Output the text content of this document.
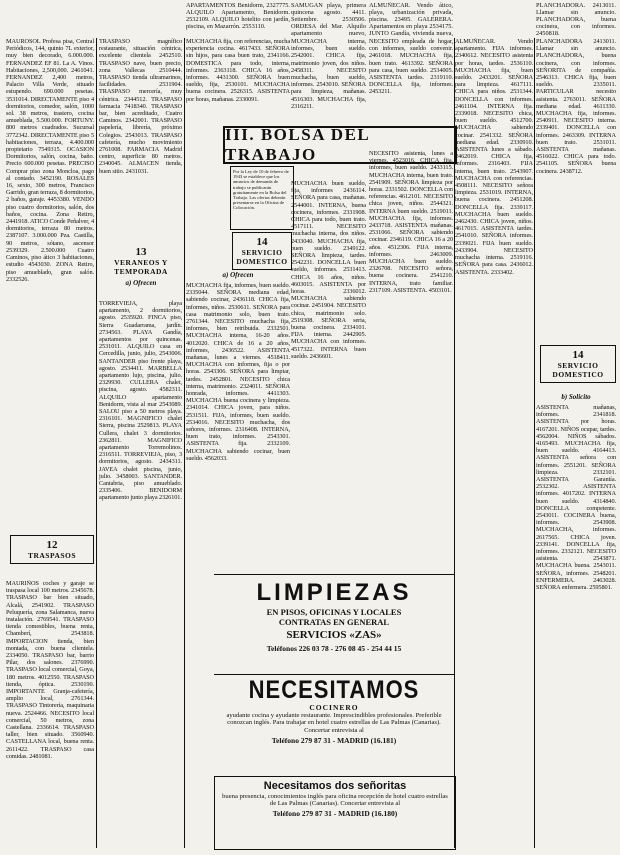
APARTAMENTOS Benidorm, 2327775. ALQUILO Apartamento, Benidorm. 2532109. ALQUILO hotelito con jardín, piscina, en Mazarrón. 2553110.
SAMUGAN playa, primera quincena agosto. 4411. Setiembre. 2530506. ORDESA del Mar. Alquilo apartamento nuevo,
ALMUÑECAR. Vendo ático, playa, urbanización privada, piscina. 23495. GALERERA. Apartamentos en playa 2534175. JUNTO Gandía, vivienda nueva,
PLANCHADORA. 2413011. Llamar sin anuncio. PLANCHADORA, buena cocinera, con informes. 2450818.

MAUROSOL Profesa pisa, Central Periódicos, 144, quinto 7L exterior, muy bien decorado, 6.000.000. FERNANDEZ EF 81. La A. Vinos. Habitaciones, 2,500,000. 2461041. FERNANDEZ 2,400 metros, Palacio Villa Verde, situado estupendo. 690.000 pesetas. 3531014. DIRECTAMENTE piso 4 dormitorios, comedor, salón, 1000 sol. 38 metros, trastero, cocina amueblada, 5.500.000. FORTUNY. 800 metros cuadrados. Sucursal 3772342. DIRECTAMENTE piso 5 habitaciones, terraza, 4.400.000 propietario 7549315. OCASION Dormitorios, salón, cocina, baño. Precio 600.000 pesetas. PRECISO Comprar piso zona Moncloa, pago al contado. 3452190. ROSALES 16, sexto, 300 metros, Francisco Garrido, gran terraza, 8 dormitorios, 2 baños, garaje. 4453380. VENDO piso cuatro dormitorios, salón, dos baños, cocina. Zona Retiro, 2441918. ATICO Conde Peñalver, 4 dormitorios, terraza 80 metros. 2387107. 3.000.000 Pza. Castilla, 90 metros, sótano, ascensor 2539329. 2.500.000 Cuatro Caminos, piso ático 3 habitaciones, estudio 4543030. ZONA Retiro, piso amueblado, gran salón. 2332526.

12
TRASPASOS

MAURIÑOS coches y garaje se traspasa local 100 metros. 2345678. TRASPASO bar bien situado, Alcalá, 2541902. TRASPASO Peluquería, zona Salamanca, nueva instalación. 2769541. TRASPASO tienda comestibles, buena renta, Chamberí, 2543818. IMPORTACION tienda, bien montada, con buena clientela. 2334050. TRASPASO bar, barrio Pilar, dos salones. 2376990. TRASPASO local comercial, Goya, 180 metros. 4012550. TRASPASO tienda, óptica. 2530190. IMPORTANTE Granja-cafetería, amplio local, 2761344. TRASPASO Tintorería, maquinaria nueva. 2524466. NECESITO local comercial, 50 metros, zona Castellana. 2336614. TRASPASO taller, bien situado. 3560940. CASTELLANA local, buena renta. 2611422. TRASPASO casa comidas. 2481081.

TRASPASO magnífico restaurante, situación céntrica, excelente clientela 2452510. TRASPASO nave, buen precio, zona Vallecas 2510444. TRASPASO tienda ultramarinos, facilidades. 2531904. TRASPASO mercería, muy céntrica. 2344512. TRASPASO farmacia 7418340. TRASPASO bar, bien acreditado, Cuatro Caminos. 2342001. TRASPASO papelería, librería, próximo Colegios. 2543013. TRASPASO cafetería, mucho movimiento 2761008. FARMACIA Madrid centro, superficie 80 metros. 2340045. ALMACEN tienda, buen sitio. 2431031.

13
VERANEOS Y TEMPORADA
a) Ofrecen

TORREVIEJA, playa apartamento, 2 dormitorios, agosto. 2535920. FINCA piso, Sierra Guadarrama, jardín. 2734563. PLAYA Gandía, apartamentos por quincenas. 2531011. ALQUILO casa en Cercedilla, junio, julio, 2543006. SANTANDER piso frente playa, agosto. 2534411. MARBELLA apartamento lujo, piscina, julio. 2329930. CULLERA chalet, piscina, agosto. 4582311. ALQUILO apartamento Benidorm, vista al mar 2543089. SALOU piso a 50 metros playa. 2316101. MAGNIFICO chalet Sierra, piscina 2529813. PLAYA Cullera, chalet 3 dormitorios. 2362811. MAGNIFICO apartamento Torremolinos. 2316511. TORREVIEJA, piso, 3 dormitorios, agosto. 2434311. JAVEA chalet piscina, junio, julio. 3458003. SANTANDER. Cantabria, piso amueblado. 2335406. BENIDORM apartamento junto playa 2326101.

MUCHACHA fija, con referencias, mucha experiencia cocina. 4617433. SEÑORA sin hijos, para casa buen trato, 2341166. DOMESTICA para todo, interna, informes. 2363118. CHICA 16 años, informes. 4431300. SEÑORA buen sueldo, fija, 2530101. MUCHACHA buena cocinera. 2526315. ASISTENTA por horas, mañanas. 2330091.

III. BOLSA DEL TRABAJO
Por la Ley de 10 de febrero de 1943 se establece que los anuncios de demanda de trabajo se publicarán gratuitamente en la Bolsa del Trabajo. Las ofertas deberán presentarse en la Oficina de Colocación.
14
SERVICIO DOMESTICO
a) Ofrecen

MUCHACHA fija, informes, buen sueldo. 2335044. SEÑORA mediana edad, sabiendo cocinar, 2436118. CHICA fija, informes, niños. 2530611. SEÑORA para casa matrimonio solo, buen trato. 2761344. NECESITO muchacha fija, informes, bien retribuida. 2332501. MUCHACHA interna, 16-20 años. 4012020. CHICA de 16 a 20 años, informes, 2436522. ASISTENTA mañanas, lunes a viernes. 4518411. MUCHACHA con informes, fija o por horas. 2543306. SEÑORA para limpiar, tardes. 2452801. NECESITO chica interna, matrimonio. 2324011. SEÑORA honrada, informes. 4411303. MUCHACHA buena cocinera y limpieza. 2341014. CHICA joven, para niños. 2531511. FIJA, informes, buen sueldo. 2534016. NECESITO muchacha, dos señores, informes. 2316408. INTERNA, buen trato, informes. 2543301. ASISTENTA fija. 2332109. MUCHACHA sabiendo cocinar, buen sueldo. 4562033.

MUCHACHA interna, informes, buen sueldo. 2542001. CHICA fija, matrimonio joven, dos niños. 2458311. NECESITO muchacha, buen sueldo, informes. 2543010. SEÑORA para limpieza, mañanas. 4516303. MUCHACHA fija, 2316211.

MUCHACHA buen sueldo, fija, informes 2436114. SEÑORA para casa, mañanas. 2544001. INTERNA, buena cocinera, informes. 2331908. CHICA para todo, buen trato. 4517111. NECESITO muchacha interna, dos niños. 2433040. MUCHACHA fija, buen sueldo. 2349122. SEÑORA limpieza, tardes. 2542231. DONCELLA buen sueldo, informes. 2531413. CHICA 16 años, niños. 4603015. ASISTENTA por horas. 2336012. MUCHACHA sabiendo cocinar. 2451904. NECESITO chica, matrimonio solo. 2519308. SEÑORA seria, buena cocinera. 2334101. FIJA interna. 2442905. MUCHACHA con informes. 4517322. INTERNA buen sueldo. 2436601.

NECESITO empleada de hogar, con informes, sueldo convenir. 2461018. MUCHACHA fija, buen trato. 4613392. SEÑORA para casa, buen sueldo. 2534005. ASISTENTA tardes. 2319110. DONCELLA fija, informes. 2453211.

NECESITO asistenta, lunes a viernes. 4523016. CHICA fija, informes, buen sueldo. 2433115. MUCHACHA interna, buen trato. 2541909. SEÑORA limpieza por horas. 2331502. DONCELLA con referencias. 4612101. NECESITO chica joven, niños. 2544321. INTERNA buen sueldo. 2519011. MUCHACHA fija, informes. 2433718. ASISTENTA mañanas. 2531066. SEÑORA sabiendo cocinar. 2346119. CHICA 16 a 20 años. 4512306. FIJA interna, informes. 2463009. MUCHACHA buen sueldo. 2326708. NECESITO señora, buena cocinera. 2541210. INTERNA, trato familiar. 2317109. ASISTENTA. 4503101.

ALMUÑECAR. Vendo apartamento. FIJA informes. 2340612. NECESITO asistenta por horas, tardes. 2536110. MUCHACHA fija, buen sueldo. 2433201. SEÑORA para limpieza. 4617111. CHICA para niños. 2531344. DONCELLA con informes. 2461104. INTERNA fija. 2339018. NECESITO chica, buen sueldo. 4512700. MUCHACHA sabiendo cocinar. 2541332. SEÑORA mediana edad. 2330910. ASISTENTA lunes a sábado. 2462019. CHICA fija, informes. 2316403. FIJA interna, buen trato. 2543907. MUCHACHA con referencias. 4508111. NECESITO señora limpieza. 2531019. INTERNA, buena cocinera. 2451208. DONCELLA fija. 2339117. MUCHACHA buen sueldo. 2462430. CHICA joven, niños. 4617015. ASISTENTA tardes. 2541010. SEÑORA informes. 2339021. FIJA buen sueldo. 2433904. NECESITO muchacha interna. 2519116. SEÑORA para casa. 2436012. ASISTENTA. 2333402.

PLANCHADORA 2413011. Llamar sin anuncio. PLANCHADORA, buena cocinera, con informes. SEÑORITA de compañía. 2546313. CHICA fija, buen sueldo. 2335011. PARTICULAR necesito asistenta. 2763011. SEÑORA mediana edad. 4611330. MUCHACHA fija, informes. 2540911. NECESITO interna. 2339401. DONCELLA con informes. 2463309. INTERNA buen trato. 2531011. ASISTENTA mañanas. 4516022. CHICA para todo. 2541105. SEÑORA buena cocinera. 2438712.

14
SERVICIO DOMESTICO
b) Solicito

ASISTENTA mañanas, informes. 2341818. ASISTENTA por horas. 4167201. NIÑOS ocupar, tardes. 4562004. NIÑOS sábados. 4165493. MUCHACHA fija, buen sueldo. 4164413. ASISTENTA señora con informes. 2551201. SEÑORA limpieza. 2332101. ASISTENTA Garantía. 2532302. ASISTENTA informes. 4017202. INTERNA buen sueldo. 4314840. DONCELLA competente. 2543011. COCINERA buena, informes. 2543908. MUCHACHA, informes. 2617565. CHICA joven. 2339141. DONCELLA fija, informes. 2332121. NECESITO asistenta. 2543871. MUCHACHA buena. 2543011. SEÑORA, informes. 2548201. ENFERMERA. 2463028. SEÑORA enfermera. 2595801.

LIMPIEZAS
EN PISOS, OFICINAS Y LOCALES
CONTRATAS EN GENERAL
SERVICIOS «ZAS»
Teléfonos 226 03 78 - 276 08 45 - 254 44 15
NECESITAMOS
COCINERO
ayudante cocina y ayudante restaurante. Imprescindibles profesionales. Preferible conozcan inglés. Para trabajar en hotel cuatro estrellas de Las Palmas (Canarias). Concertar entrevista al
Teléfono 279 87 31 - MADRID (16.181)
Necesitamos dos señoritas
buena presencia, conocimientos inglés para oficina recepción de hotel cuatro estrellas de Las Palmas (Canarias). Concertar entrevista al
Teléfono 279 87 31 - MADRID (16.180)
